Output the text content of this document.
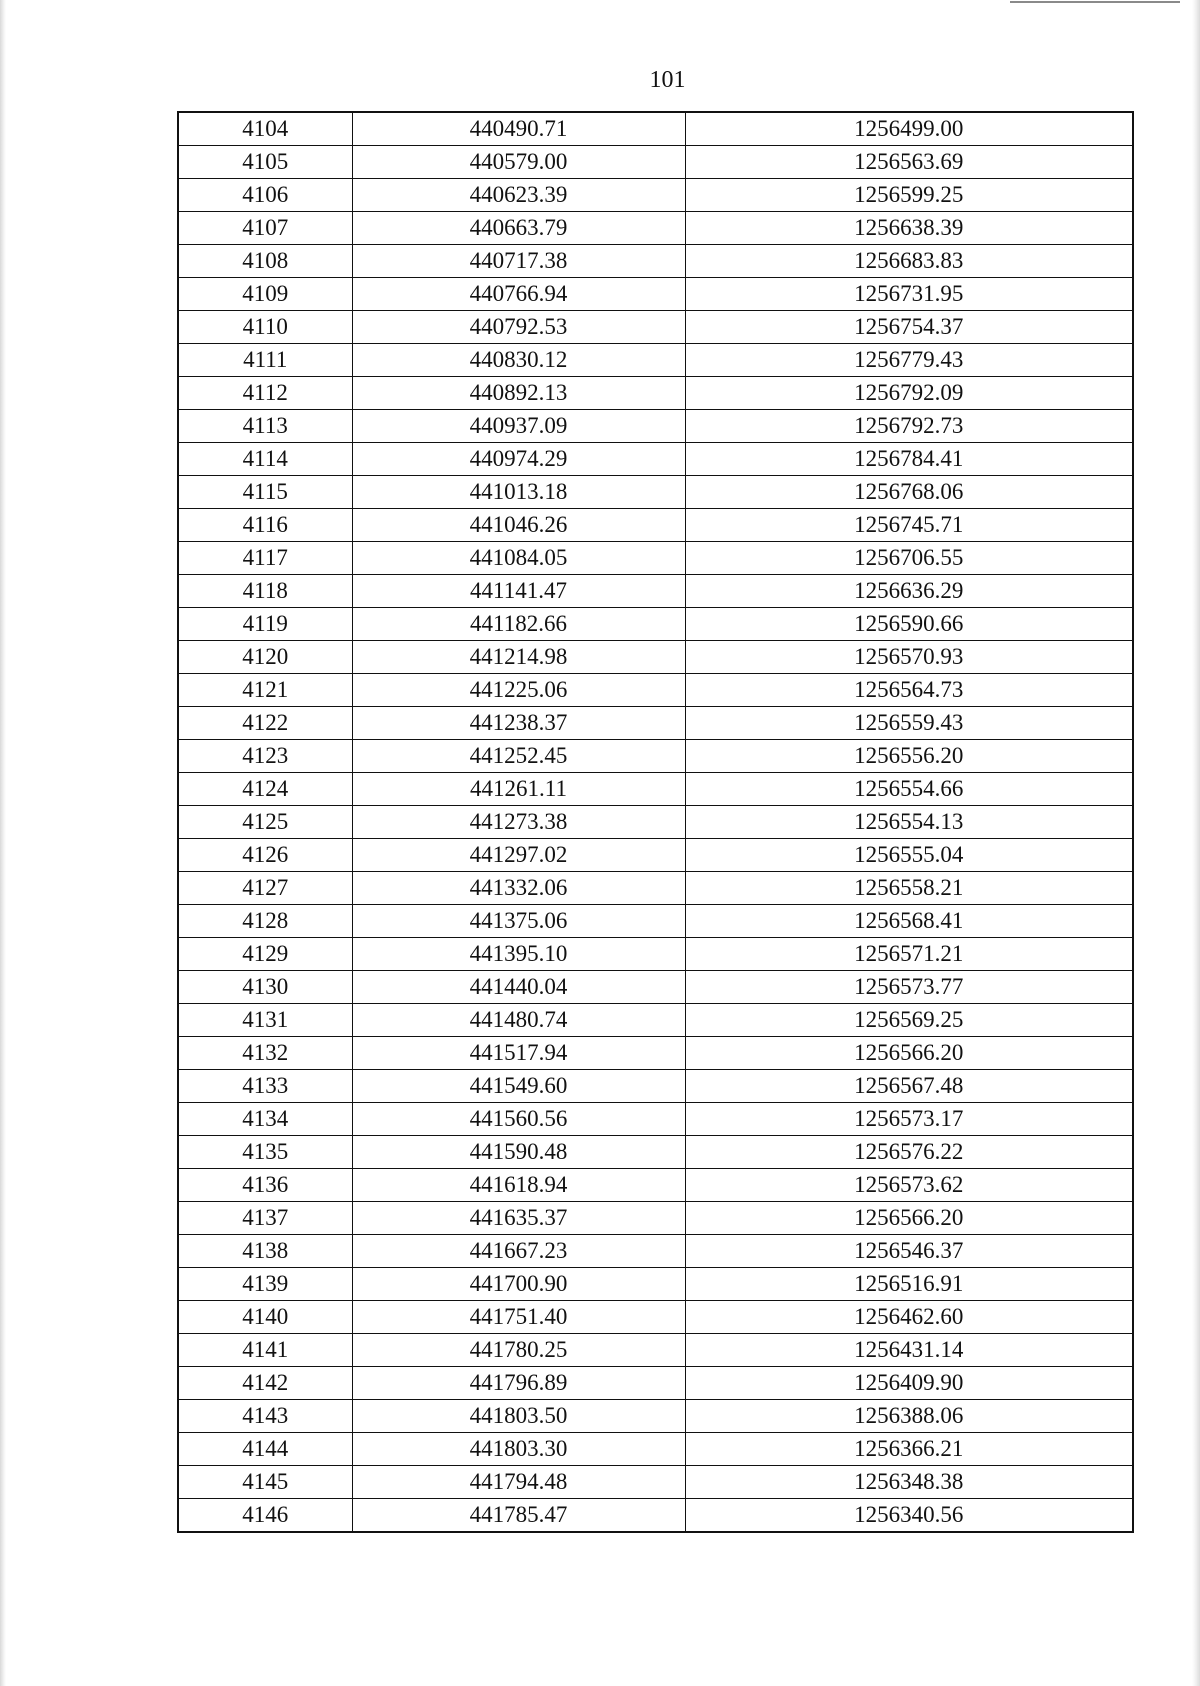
101
4104	440490.71	1256499.00
4105	440579.00	1256563.69
4106	440623.39	1256599.25
4107	440663.79	1256638.39
4108	440717.38	1256683.83
4109	440766.94	1256731.95
4110	440792.53	1256754.37
4111	440830.12	1256779.43
4112	440892.13	1256792.09
4113	440937.09	1256792.73
4114	440974.29	1256784.41
4115	441013.18	1256768.06
4116	441046.26	1256745.71
4117	441084.05	1256706.55
4118	441141.47	1256636.29
4119	441182.66	1256590.66
4120	441214.98	1256570.93
4121	441225.06	1256564.73
4122	441238.37	1256559.43
4123	441252.45	1256556.20
4124	441261.11	1256554.66
4125	441273.38	1256554.13
4126	441297.02	1256555.04
4127	441332.06	1256558.21
4128	441375.06	1256568.41
4129	441395.10	1256571.21
4130	441440.04	1256573.77
4131	441480.74	1256569.25
4132	441517.94	1256566.20
4133	441549.60	1256567.48
4134	441560.56	1256573.17
4135	441590.48	1256576.22
4136	441618.94	1256573.62
4137	441635.37	1256566.20
4138	441667.23	1256546.37
4139	441700.90	1256516.91
4140	441751.40	1256462.60
4141	441780.25	1256431.14
4142	441796.89	1256409.90
4143	441803.50	1256388.06
4144	441803.30	1256366.21
4145	441794.48	1256348.38
4146	441785.47	1256340.56
